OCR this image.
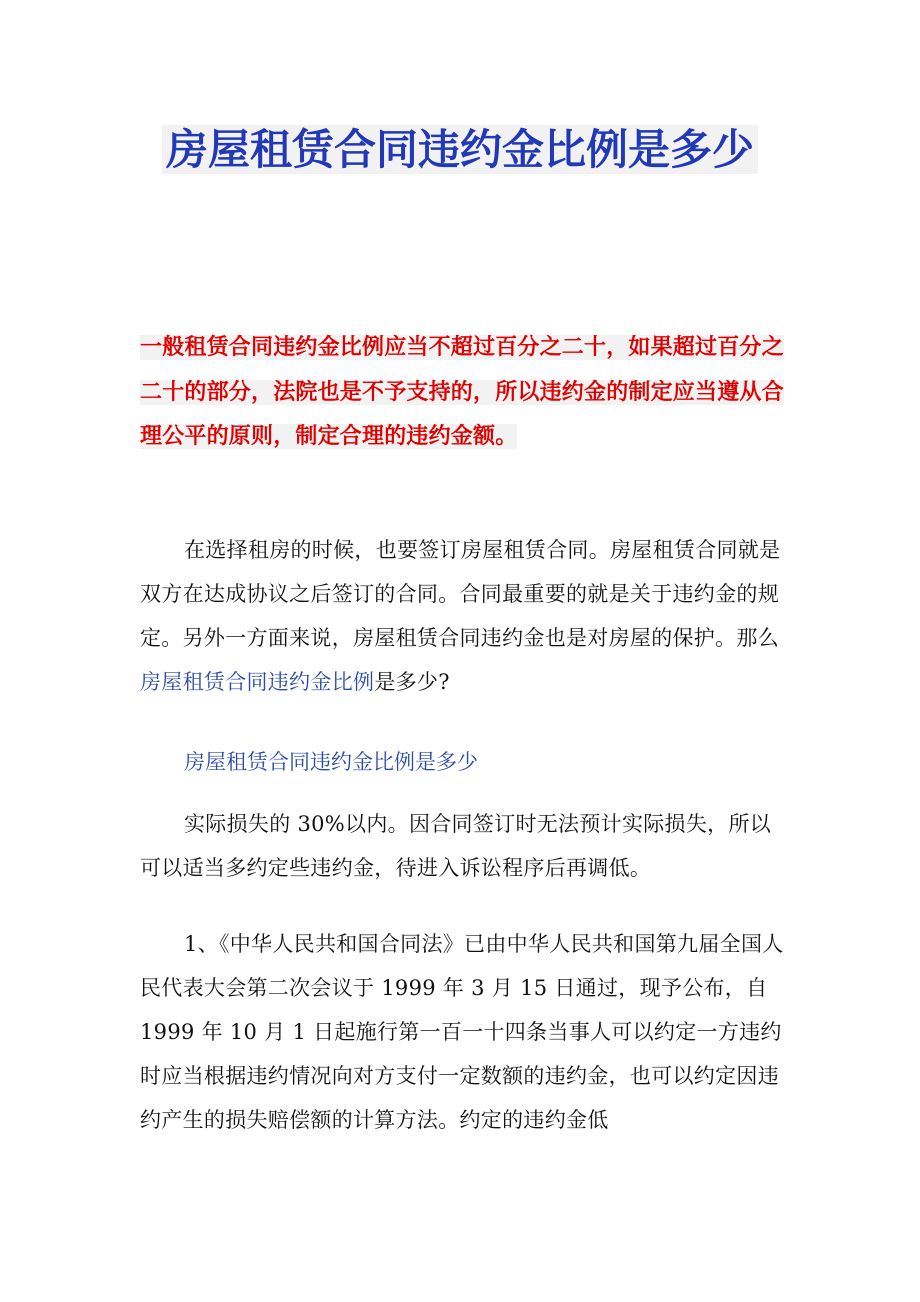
房屋租赁合同违约金比例是多少

一般租赁合同违约金比例应当不超过百分之二十，如果超过百分之二十的部分，法院也是不予支持的，所以违约金的制定应当遵从合理公平的原则，制定合理的违约金额。

在选择租房的时候，也要签订房屋租赁合同。房屋租赁合同就是双方在达成协议之后签订的合同。合同最重要的就是关于违约金的规定。另外一方面来说，房屋租赁合同违约金也是对房屋的保护。那么房屋租赁合同违约金比例是多少?

房屋租赁合同违约金比例是多少

实际损失的 30%以内。因合同签订时无法预计实际损失，所以可以适当多约定些违约金，待进入诉讼程序后再调低。

1、《中华人民共和国合同法》已由中华人民共和国第九届全国人民代表大会第二次会议于 1999 年 3 月 15 日通过，现予公布，自 1999 年 10 月 1 日起施行第一百一十四条当事人可以约定一方违约时应当根据违约情况向对方支付一定数额的违约金，也可以约定因违约产生的损失赔偿额的计算方法。约定的违约金低
